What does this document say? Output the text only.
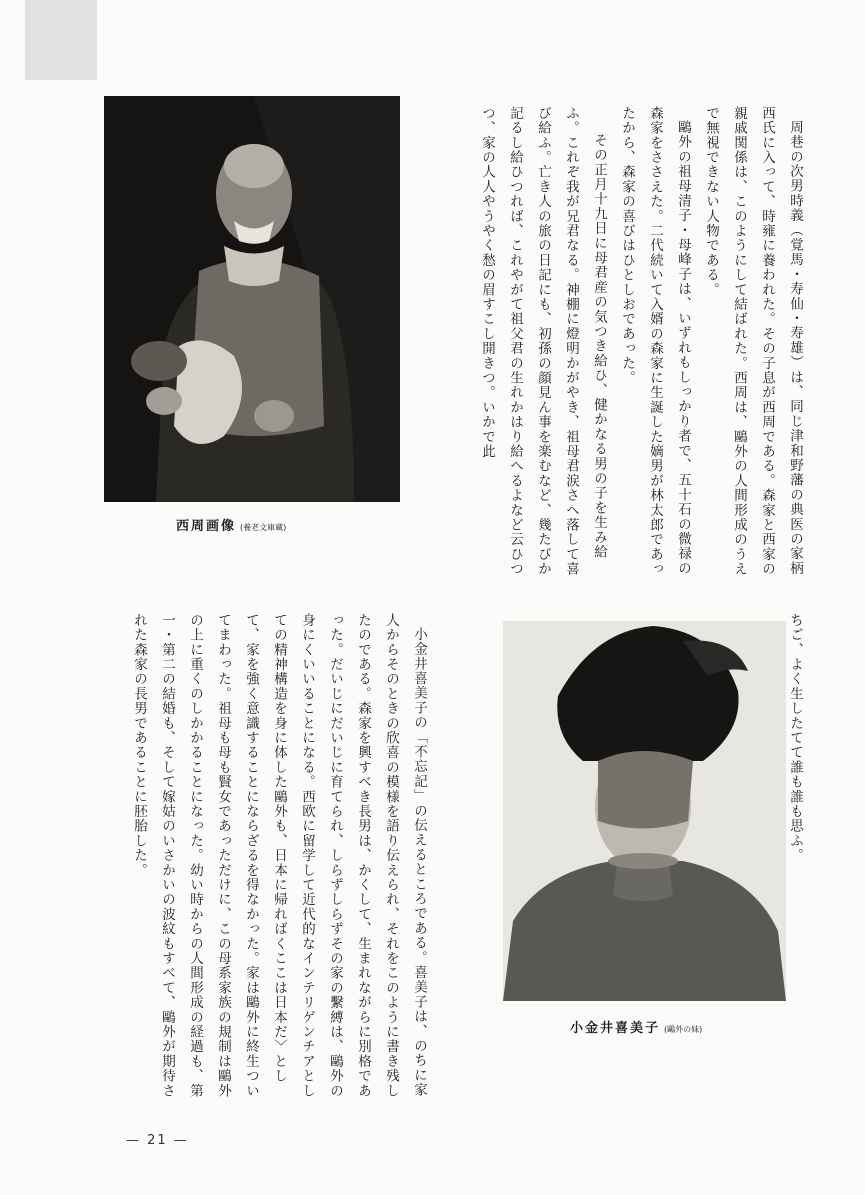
西周画像 (養老文庫蔵)
小金井喜美子 (鷗外の妹)

周巷の次男時義（覚馬・寿仙・寿雄）は、同じ津和野藩の典医の家柄西氏に入って、時雍に養われた。その子息が西周である。森家と西家の親戚関係は、このようにして結ばれた。西周は、鷗外の人間形成のうえで無視できない人物である。

鷗外の祖母清子・母峰子は、いずれもしっかり者で、五十石の微禄の森家をささえた。二代続いて入婿の森家に生誕した嫡男が林太郎であったから、森家の喜びはひとしおであった。

その正月十九日に母君産の気つき給ひ、健かなる男の子を生み給ふ。これぞ我が兄君なる。神棚に燈明かがやき、祖母君涙さへ落して喜び給ふ。亡き人の旅の日記にも、初孫の顔見ん事を楽むなど、幾たびか記るし給ひつれば、これやがて祖父君の生れかはり給へるよなど云ひつつ、家の人人やうやく愁の眉すこし開きつ。いかで此

ちご、よく生したてて誰も誰も思ふ。

小金井喜美子の「不忘記」の伝えるところである。喜美子は、のちに家人からそのときの欣喜の模様を語り伝えられ、それをこのように書き残したのである。森家を興すべき長男は、かくして、生まれながらに別格であった。だいじにだいじに育てられ、しらずしらずその家の繫縛は、鷗外の身にくいいることになる。西欧に留学して近代的なインテリゲンチアとしての精神構造を身に体した鷗外も、日本に帰ればくここは日本だ〉として、家を強く意識することにならざるを得なかった。家は鷗外に終生ついてまわった。祖母も母も賢女であっただけに、この母系家族の規制は鷗外の上に重くのしかかることになった。幼い時からの人間形成の経過も、第一・第二の結婚も、そして嫁姑のいさかいの波紋もすべて、鷗外が期待された森家の長男であることに胚胎した。

— 21 —
